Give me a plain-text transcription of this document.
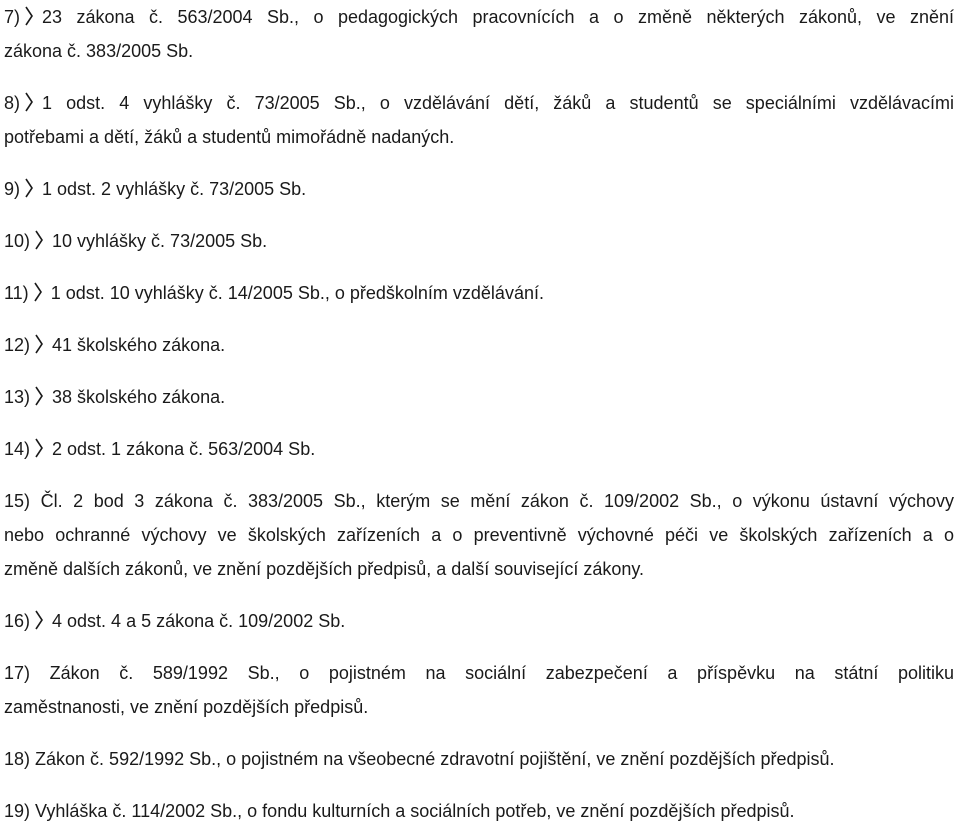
7) 23 zákona č. 563/2004 Sb., o pedagogických pracovnících a o změně některých zákonů, ve znění
zákona č. 383/2005 Sb.

8) 1 odst. 4 vyhlášky č. 73/2005 Sb., o vzdělávání dětí, žáků a studentů se speciálními vzdělávacími
potřebami a dětí, žáků a studentů mimořádně nadaných.

9) 1 odst. 2 vyhlášky č. 73/2005 Sb.

10) 10 vyhlášky č. 73/2005 Sb.

11) 1 odst. 10 vyhlášky č. 14/2005 Sb., o předškolním vzdělávání.

12) 41 školského zákona.

13) 38 školského zákona.

14) 2 odst. 1 zákona č. 563/2004 Sb.

15) Čl. 2 bod 3 zákona č. 383/2005 Sb., kterým se mění zákon č. 109/2002 Sb., o výkonu ústavní výchovy
nebo ochranné výchovy ve školských zařízeních a o preventivně výchovné péči ve školských zařízeních a o
změně dalších zákonů, ve znění pozdějších předpisů, a další související zákony.

16) 4 odst. 4 a 5 zákona č. 109/2002 Sb.

17) Zákon č. 589/1992 Sb., o pojistném na sociální zabezpečení a příspěvku na státní politiku
zaměstnanosti, ve znění pozdějších předpisů.

18) Zákon č. 592/1992 Sb., o pojistném na všeobecné zdravotní pojištění, ve znění pozdějších předpisů.

19) Vyhláška č. 114/2002 Sb., o fondu kulturních a sociálních potřeb, ve znění pozdějších předpisů.
